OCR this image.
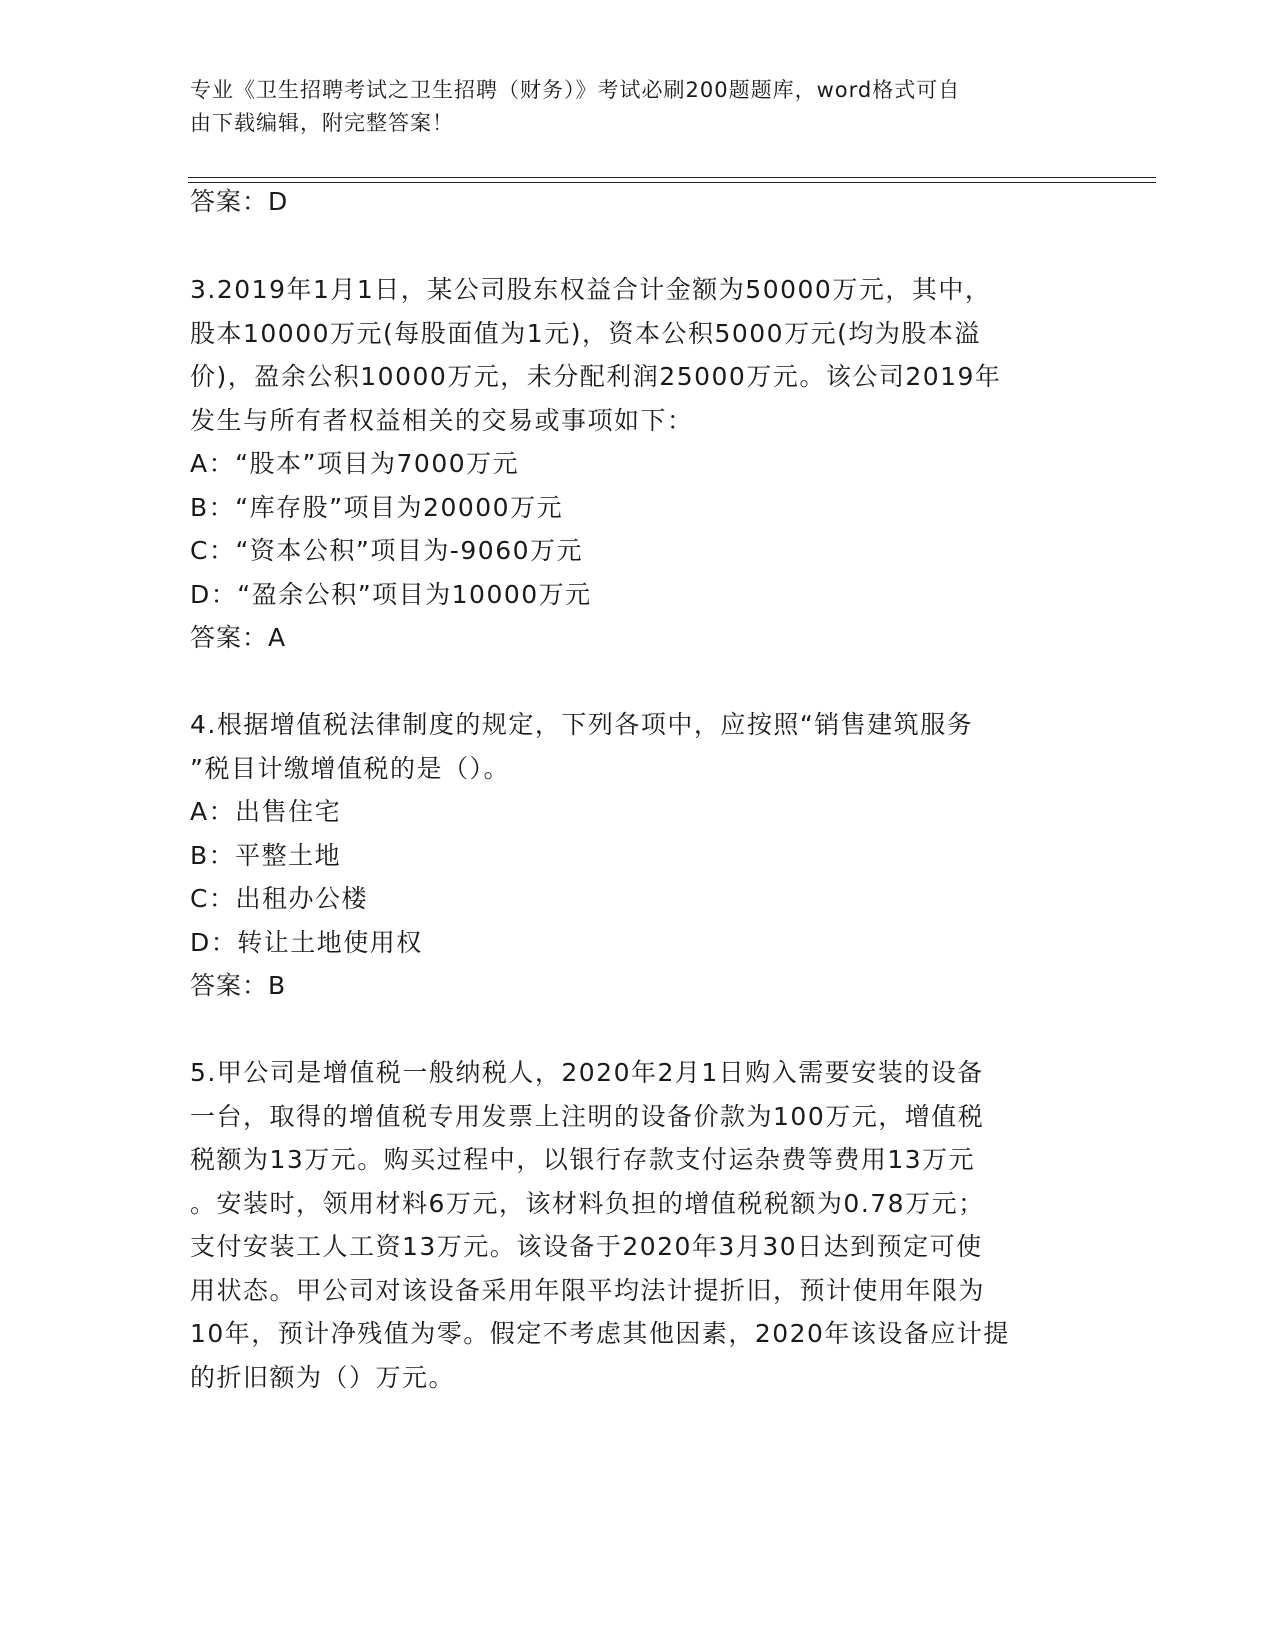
专业《卫生招聘考试之卫生招聘（财务）》考试必刷200题题库，word格式可自
由下载编辑，附完整答案！
答案：D
3.2019年1月1日，某公司股东权益合计金额为50000万元，其中，
股本10000万元(每股面值为1元)，资本公积5000万元(均为股本溢
价)，盈余公积10000万元，未分配利润25000万元。该公司2019年
发生与所有者权益相关的交易或事项如下：
A：“股本”项目为7000万元
B：“库存股”项目为20000万元
C：“资本公积”项目为-9060万元
D：“盈余公积”项目为10000万元
答案：A
4.根据增值税法律制度的规定，下列各项中，应按照“销售建筑服务
”税目计缴增值税的是（）。
A：出售住宅
B：平整土地
C：出租办公楼
D：转让土地使用权
答案：B
5.甲公司是增值税一般纳税人，2020年2月1日购入需要安装的设备
一台，取得的增值税专用发票上注明的设备价款为100万元，增值税
税额为13万元。购买过程中，以银行存款支付运杂费等费用13万元
。安装时，领用材料6万元，该材料负担的增值税税额为0.78万元；
支付安装工人工资13万元。该设备于2020年3月30日达到预定可使
用状态。甲公司对该设备采用年限平均法计提折旧，预计使用年限为
10年，预计净残值为零。假定不考虑其他因素，2020年该设备应计提
的折旧额为（）万元。
